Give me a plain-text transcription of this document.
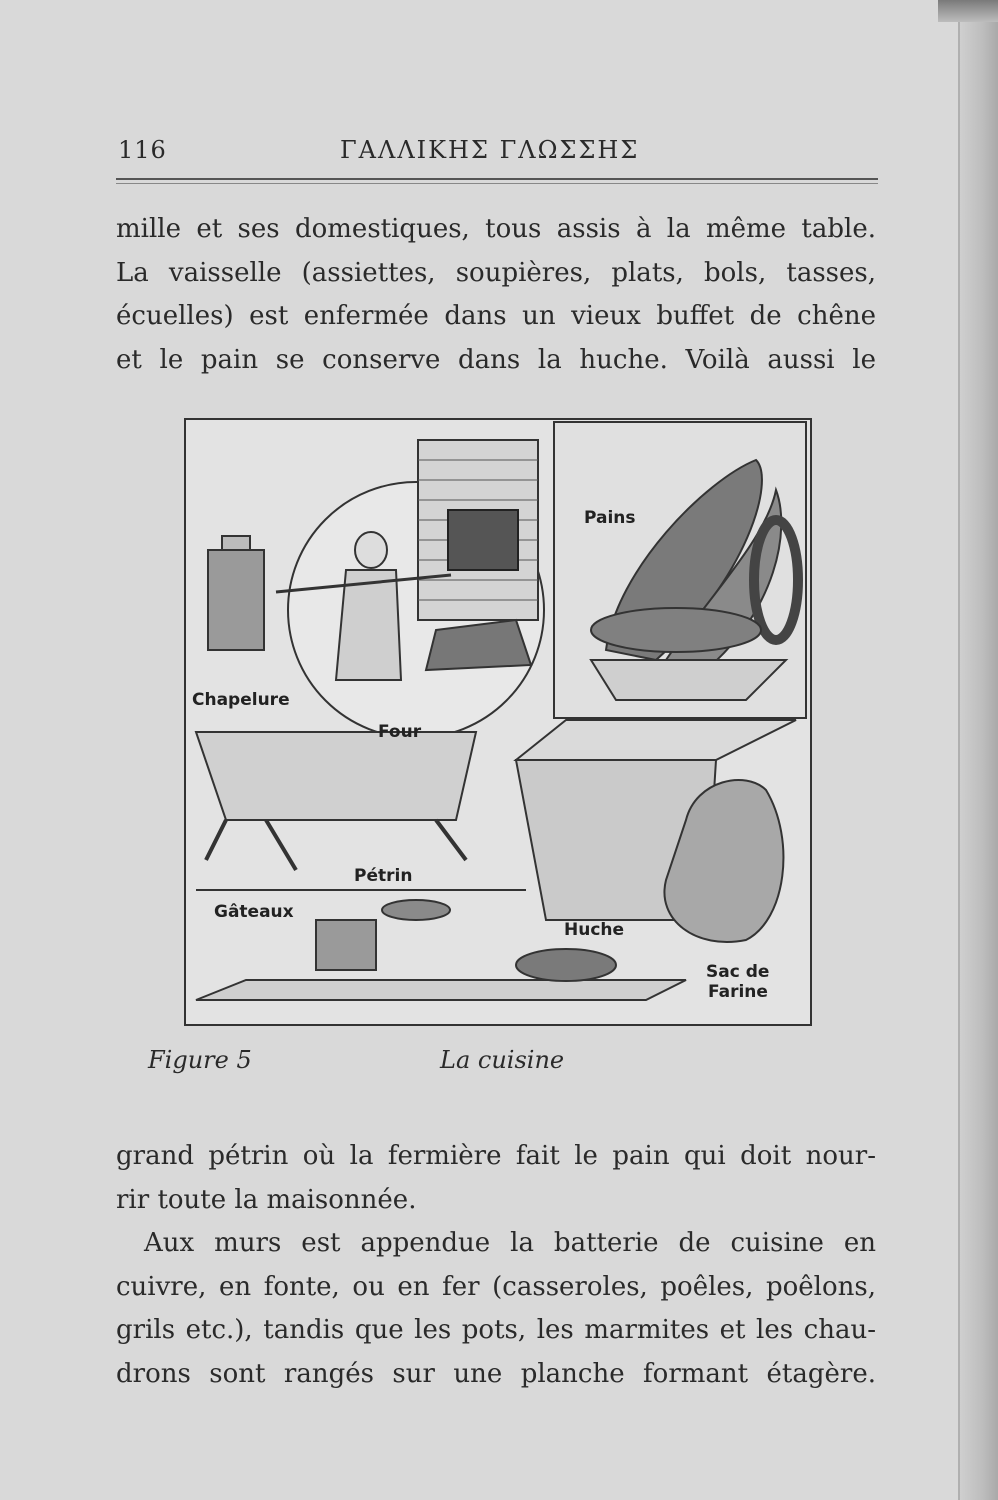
116	ΓΑΛΛΙΚΗΣ ΓΛΩΣΣΗΣ
mille et ses domestiques, tous assis à la même table.
La vaisselle (assiettes, soupières, plats, bols, tasses,
écuelles) est enfermée dans un vieux buffet de chêne
et le pain se conserve dans la huche. Voilà aussi le
Chapelure
Four
Pains
Pétrin
Gâteaux
Huche
Sac de
Farine
Figure 5	La cuisine
grand pétrin où la fermière fait le pain qui doit nour-
rir toute la maisonnée.
Aux murs est appendue la batterie de cuisine en
cuivre, en fonte, ou en fer (casseroles, poêles, poêlons,
grils etc.), tandis que les pots, les marmites et les chau-
drons sont rangés sur une planche formant étagère.
